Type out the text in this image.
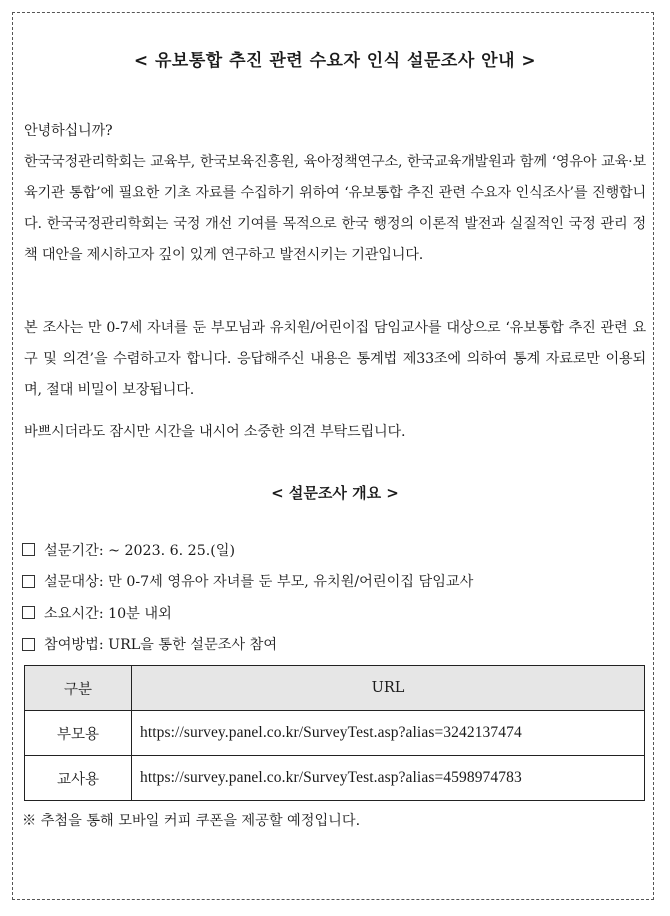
< 유보통합 추진 관련 수요자 인식 설문조사 안내 >

안녕하십니까?

한국국정관리학회는 교육부, 한국보육진흥원, 육아정책연구소, 한국교육개발원과 함께 ‘영유아 교육·보육기관 통합’에 필요한 기초 자료를 수집하기 위하여 ‘유보통합 추진 관련 수요자 인식조사’를 진행합니다. 한국국정관리학회는 국정 개선 기여를 목적으로 한국 행정의 이론적 발전과 실질적인 국정 관리 정책 대안을 제시하고자 깊이 있게 연구하고 발전시키는 기관입니다.

본 조사는 만 0-7세 자녀를 둔 부모님과 유치원/어린이집 담임교사를 대상으로 ‘유보통합 추진 관련 요구 및 의견’을 수렴하고자 합니다. 응답해주신 내용은 통계법 제33조에 의하여 통계 자료로만 이용되며, 절대 비밀이 보장됩니다.

바쁘시더라도 잠시만 시간을 내시어 소중한 의견 부탁드립니다.

< 설문조사 개요 >
설문기간: ~ 2023. 6. 25.(일)
설문대상: 만 0-7세 영유아 자녀를 둔 부모, 유치원/어린이집 담임교사
소요시간: 10분 내외
참여방법: URL을 통한 설문조사 참여
구분	URL
부모용	https://survey.panel.co.kr/SurveyTest.asp?alias=3242137474
교사용	https://survey.panel.co.kr/SurveyTest.asp?alias=4598974783
※ 추첨을 통해 모바일 커피 쿠폰을 제공할 예정입니다.
